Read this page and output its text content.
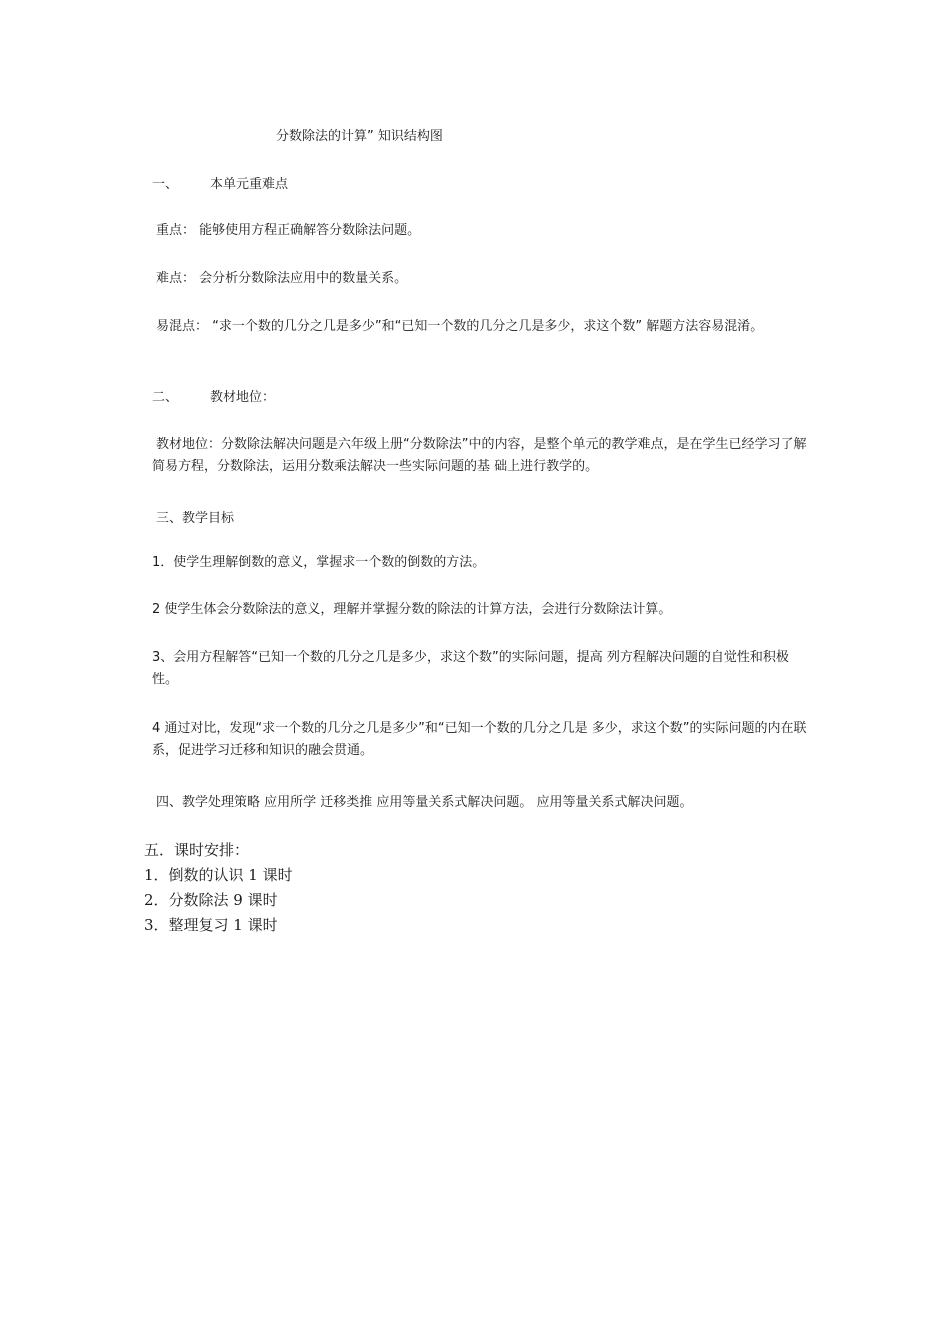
分数除法的计算” 知识结构图
一、 本单元重难点
重点： 能够使用方程正确解答分数除法问题。
难点： 会分析分数除法应用中的数量关系。
易混点： “求一个数的几分之几是多少”和“已知一个数的几分之几是多少，求这个数” 解题方法容易混淆。
二、 教材地位：
教材地位：分数除法解决问题是六年级上册“分数除法”中的内容，是整个单元的教学难点，是在学生已经学习了解简易方程，分数除法，运用分数乘法解决一些实际问题的基 础上进行教学的。
三、教学目标
1．使学生理解倒数的意义，掌握求一个数的倒数的方法。
2 使学生体会分数除法的意义，理解并掌握分数的除法的计算方法，会进行分数除法计算。
3、会用方程解答“已知一个数的几分之几是多少，求这个数”的实际问题，提高 列方程解决问题的自觉性和积极性。
4 通过对比，发现“求一个数的几分之几是多少”和“已知一个数的几分之几是 多少，求这个数”的实际问题的内在联系，促进学习迁移和知识的融会贯通。
四、教学处理策略 应用所学 迁移类推 应用等量关系式解决问题。 应用等量关系式解决问题。
五．课时安排：
1．倒数的认识 1 课时
2．分数除法 9 课时
3．整理复习 1 课时
